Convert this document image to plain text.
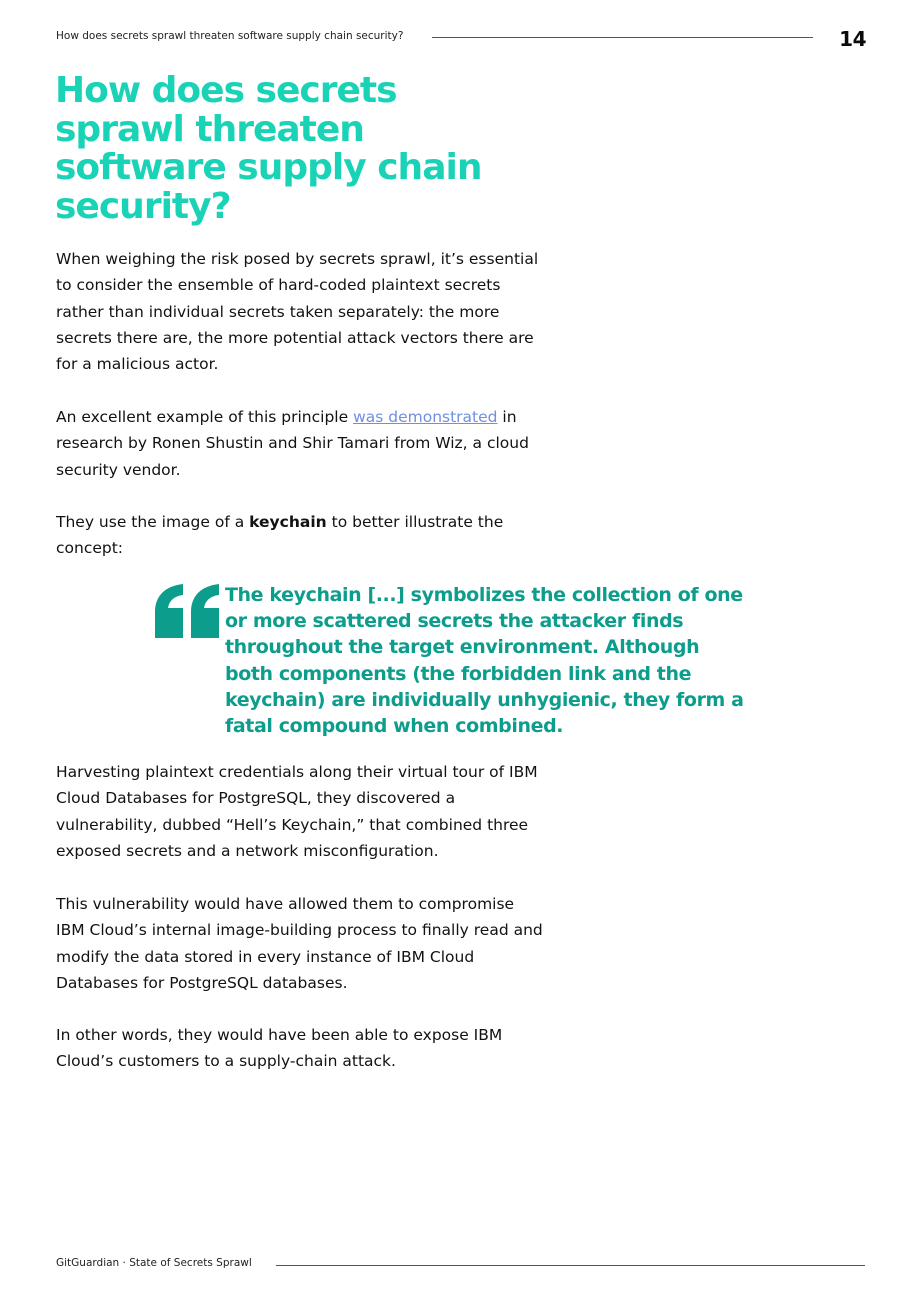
How does secrets sprawl threaten software supply chain security?	14
How does secrets sprawl threaten software supply chain security?

When weighing the risk posed by secrets sprawl, it’s essential to consider the ensemble of hard-coded plaintext secrets rather than individual secrets taken separately: the more secrets there are, the more potential attack vectors there are for a malicious actor.

An excellent example of this principle was demonstrated in research by Ronen Shustin and Shir Tamari from Wiz, a cloud security vendor.

They use the image of a keychain to better illustrate the concept:

The keychain [...] symbolizes the collection of one or more scattered secrets the attacker finds throughout the target environment. Although both components (the forbidden link and the keychain) are individually unhygienic, they form a fatal compound when combined.

Harvesting plaintext credentials along their virtual tour of IBM Cloud Databases for PostgreSQL, they discovered a vulnerability, dubbed “Hell’s Keychain,” that combined three exposed secrets and a network misconfiguration.

This vulnerability would have allowed them to compromise IBM Cloud’s internal image-building process to finally read and modify the data stored in every instance of IBM Cloud Databases for PostgreSQL databases.

In other words, they would have been able to expose IBM Cloud’s customers to a supply-chain attack.

GitGuardian · State of Secrets Sprawl
